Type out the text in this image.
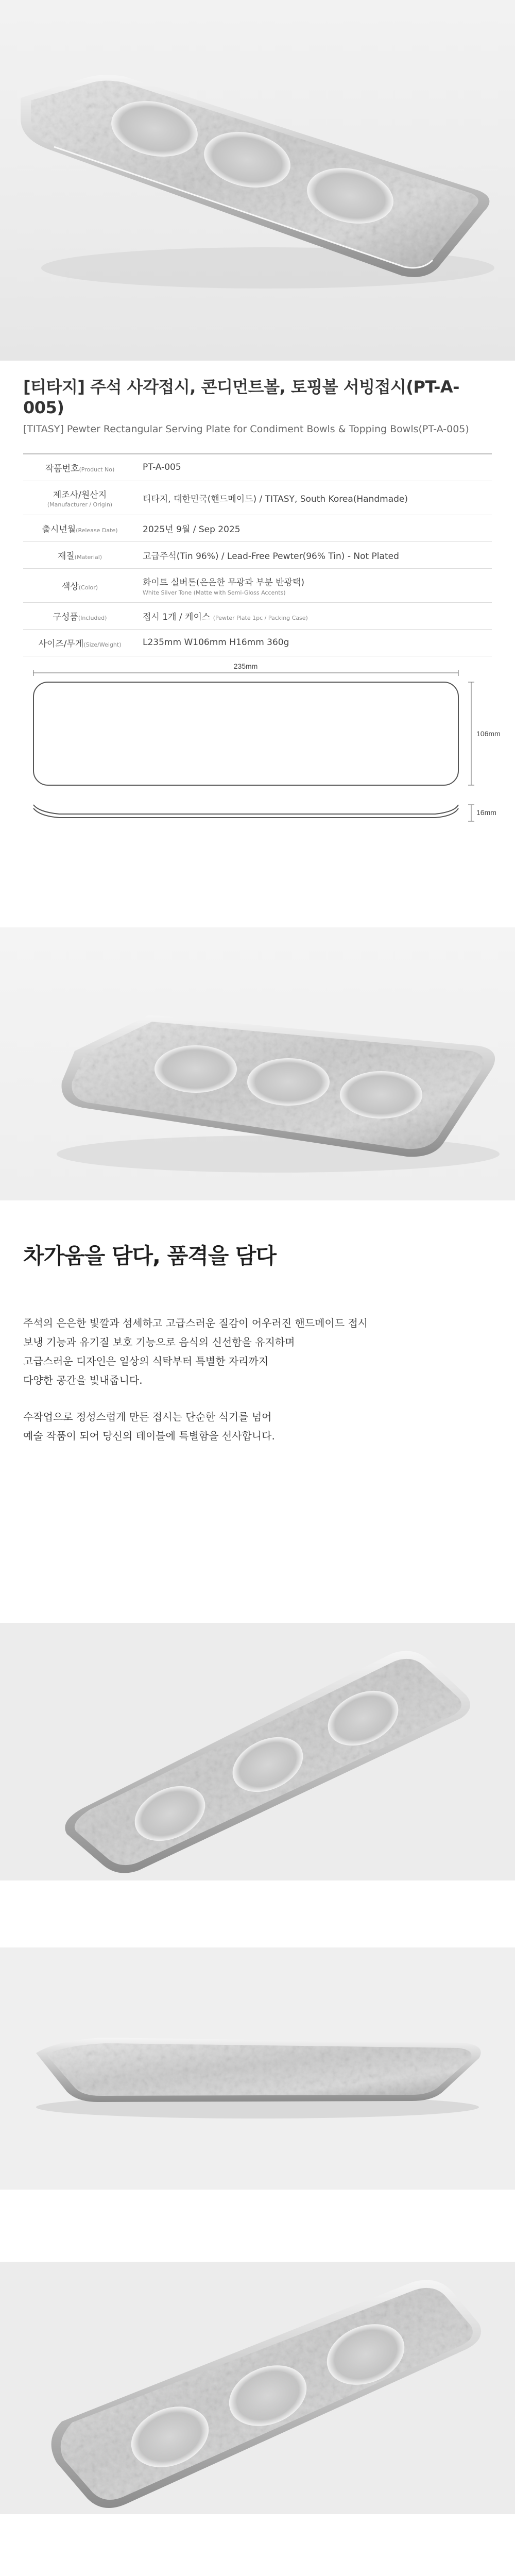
[티타지] 주석 사각접시, 콘디먼트볼, 토핑볼 서빙접시(PT-A-005)

[TITASY] Pewter Rectangular Serving Plate for Condiment Bowls & Topping Bowls(PT-A-005)

작품번호(Product No)	PT-A-005
제조사/원산지
(Manufacturer / Origin)	티타지, 대한민국(핸드메이드) / TITASY, South Korea(Handmade)
출시년월(Release Date)	2025년 9월 / Sep 2025
재질(Material)	고급주석(Tin 96%) / Lead-Free Pewter(96% Tin) - Not Plated
색상(Color)	화이트 실버톤(은은한 무광과 부분 반광택)
White Silver Tone (Matte with Semi-Gloss Accents)

구성품(Included)	접시 1개 / 케이스 (Pewter Plate 1pc / Packing Case)
사이즈/무게(Size/Weight)	L235mm W106mm H16mm 360g
235mm
106mm
16mm
차가움을 담다, 품격을 담다

주석의 은은한 빛깔과 섬세하고 고급스러운 질감이 어우러진 핸드메이드 접시
보냉 기능과 유기질 보호 기능으로 음식의 신선함을 유지하며
고급스러운 디자인은 일상의 식탁부터 특별한 자리까지
다양한 공간을 빛내줍니다.

수작업으로 정성스럽게 만든 접시는 단순한 식기를 넘어
예술 작품이 되어 당신의 테이블에 특별함을 선사합니다.
